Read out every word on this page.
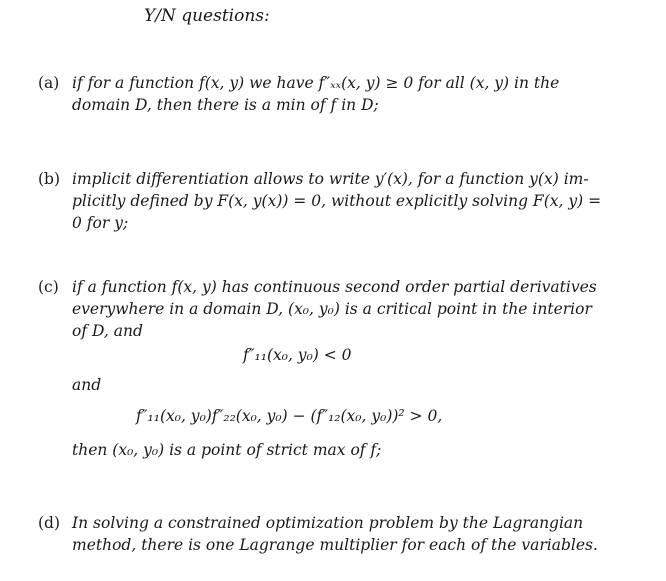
Y/N questions:
(a) if for a function f(x, y) we have f″ₓₓ(x, y) ≥ 0 for all (x, y) in the
domain D, then there is a min of f in D;
(b) implicit differentiation allows to write y′(x), for a function y(x) im-
plicitly defined by F(x, y(x)) = 0, without explicitly solving F(x, y) =
0 for y;
(c) if a function f(x, y) has continuous second order partial derivatives
everywhere in a domain D, (x₀, y₀) is a critical point in the interior
of D, and
f″₁₁(x₀, y₀) < 0
and
f″₁₁(x₀, y₀)f″₂₂(x₀, y₀) − (f″₁₂(x₀, y₀))² > 0,
then (x₀, y₀) is a point of strict max of f;
(d) In solving a constrained optimization problem by the Lagrangian
method, there is one Lagrange multiplier for each of the variables.
